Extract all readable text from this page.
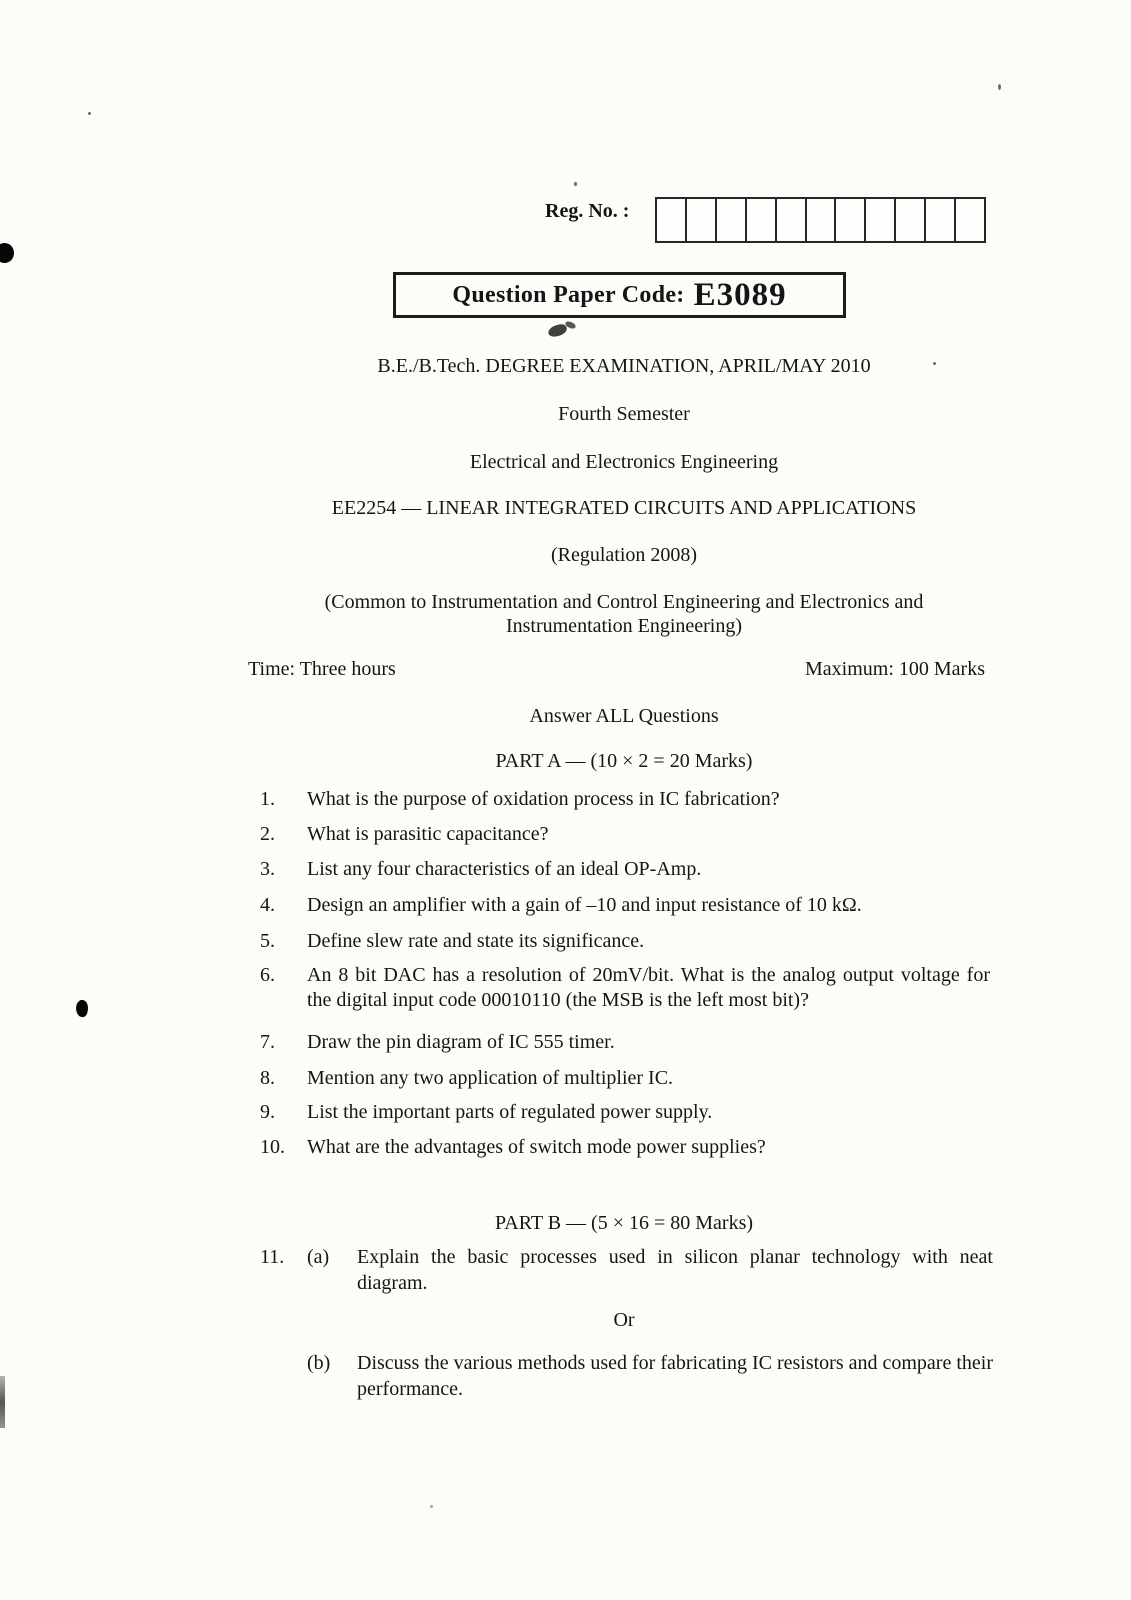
Reg. No. :
Question Paper Code: E3089
B.E./B.Tech. DEGREE EXAMINATION, APRIL/MAY 2010
Fourth Semester
Electrical and Electronics Engineering
EE2254 — LINEAR INTEGRATED CIRCUITS AND APPLICATIONS
(Regulation 2008)
(Common to Instrumentation and Control Engineering and Electronics and Instrumentation Engineering)
Time: Three hours	Maximum: 100 Marks
Answer ALL Questions
PART A — (10 × 2 = 20 Marks)
1.	What is the purpose of oxidation process in IC fabrication?
2.	What is parasitic capacitance?
3.	List any four characteristics of an ideal OP-Amp.
4.	Design an amplifier with a gain of –10 and input resistance of 10 kΩ.
5.	Define slew rate and state its significance.
6.	An 8 bit DAC has a resolution of 20mV/bit. What is the analog output voltage for the digital input code 00010110 (the MSB is the left most bit)?
7.	Draw the pin diagram of IC 555 timer.
8.	Mention any two application of multiplier IC.
9.	List the important parts of regulated power supply.
10.	What are the advantages of switch mode power supplies?
PART B — (5 × 16 = 80 Marks)
11.	(a)	Explain the basic processes used in silicon planar technology with neat diagram.
Or
(b)	Discuss the various methods used for fabricating IC resistors and compare their performance.
